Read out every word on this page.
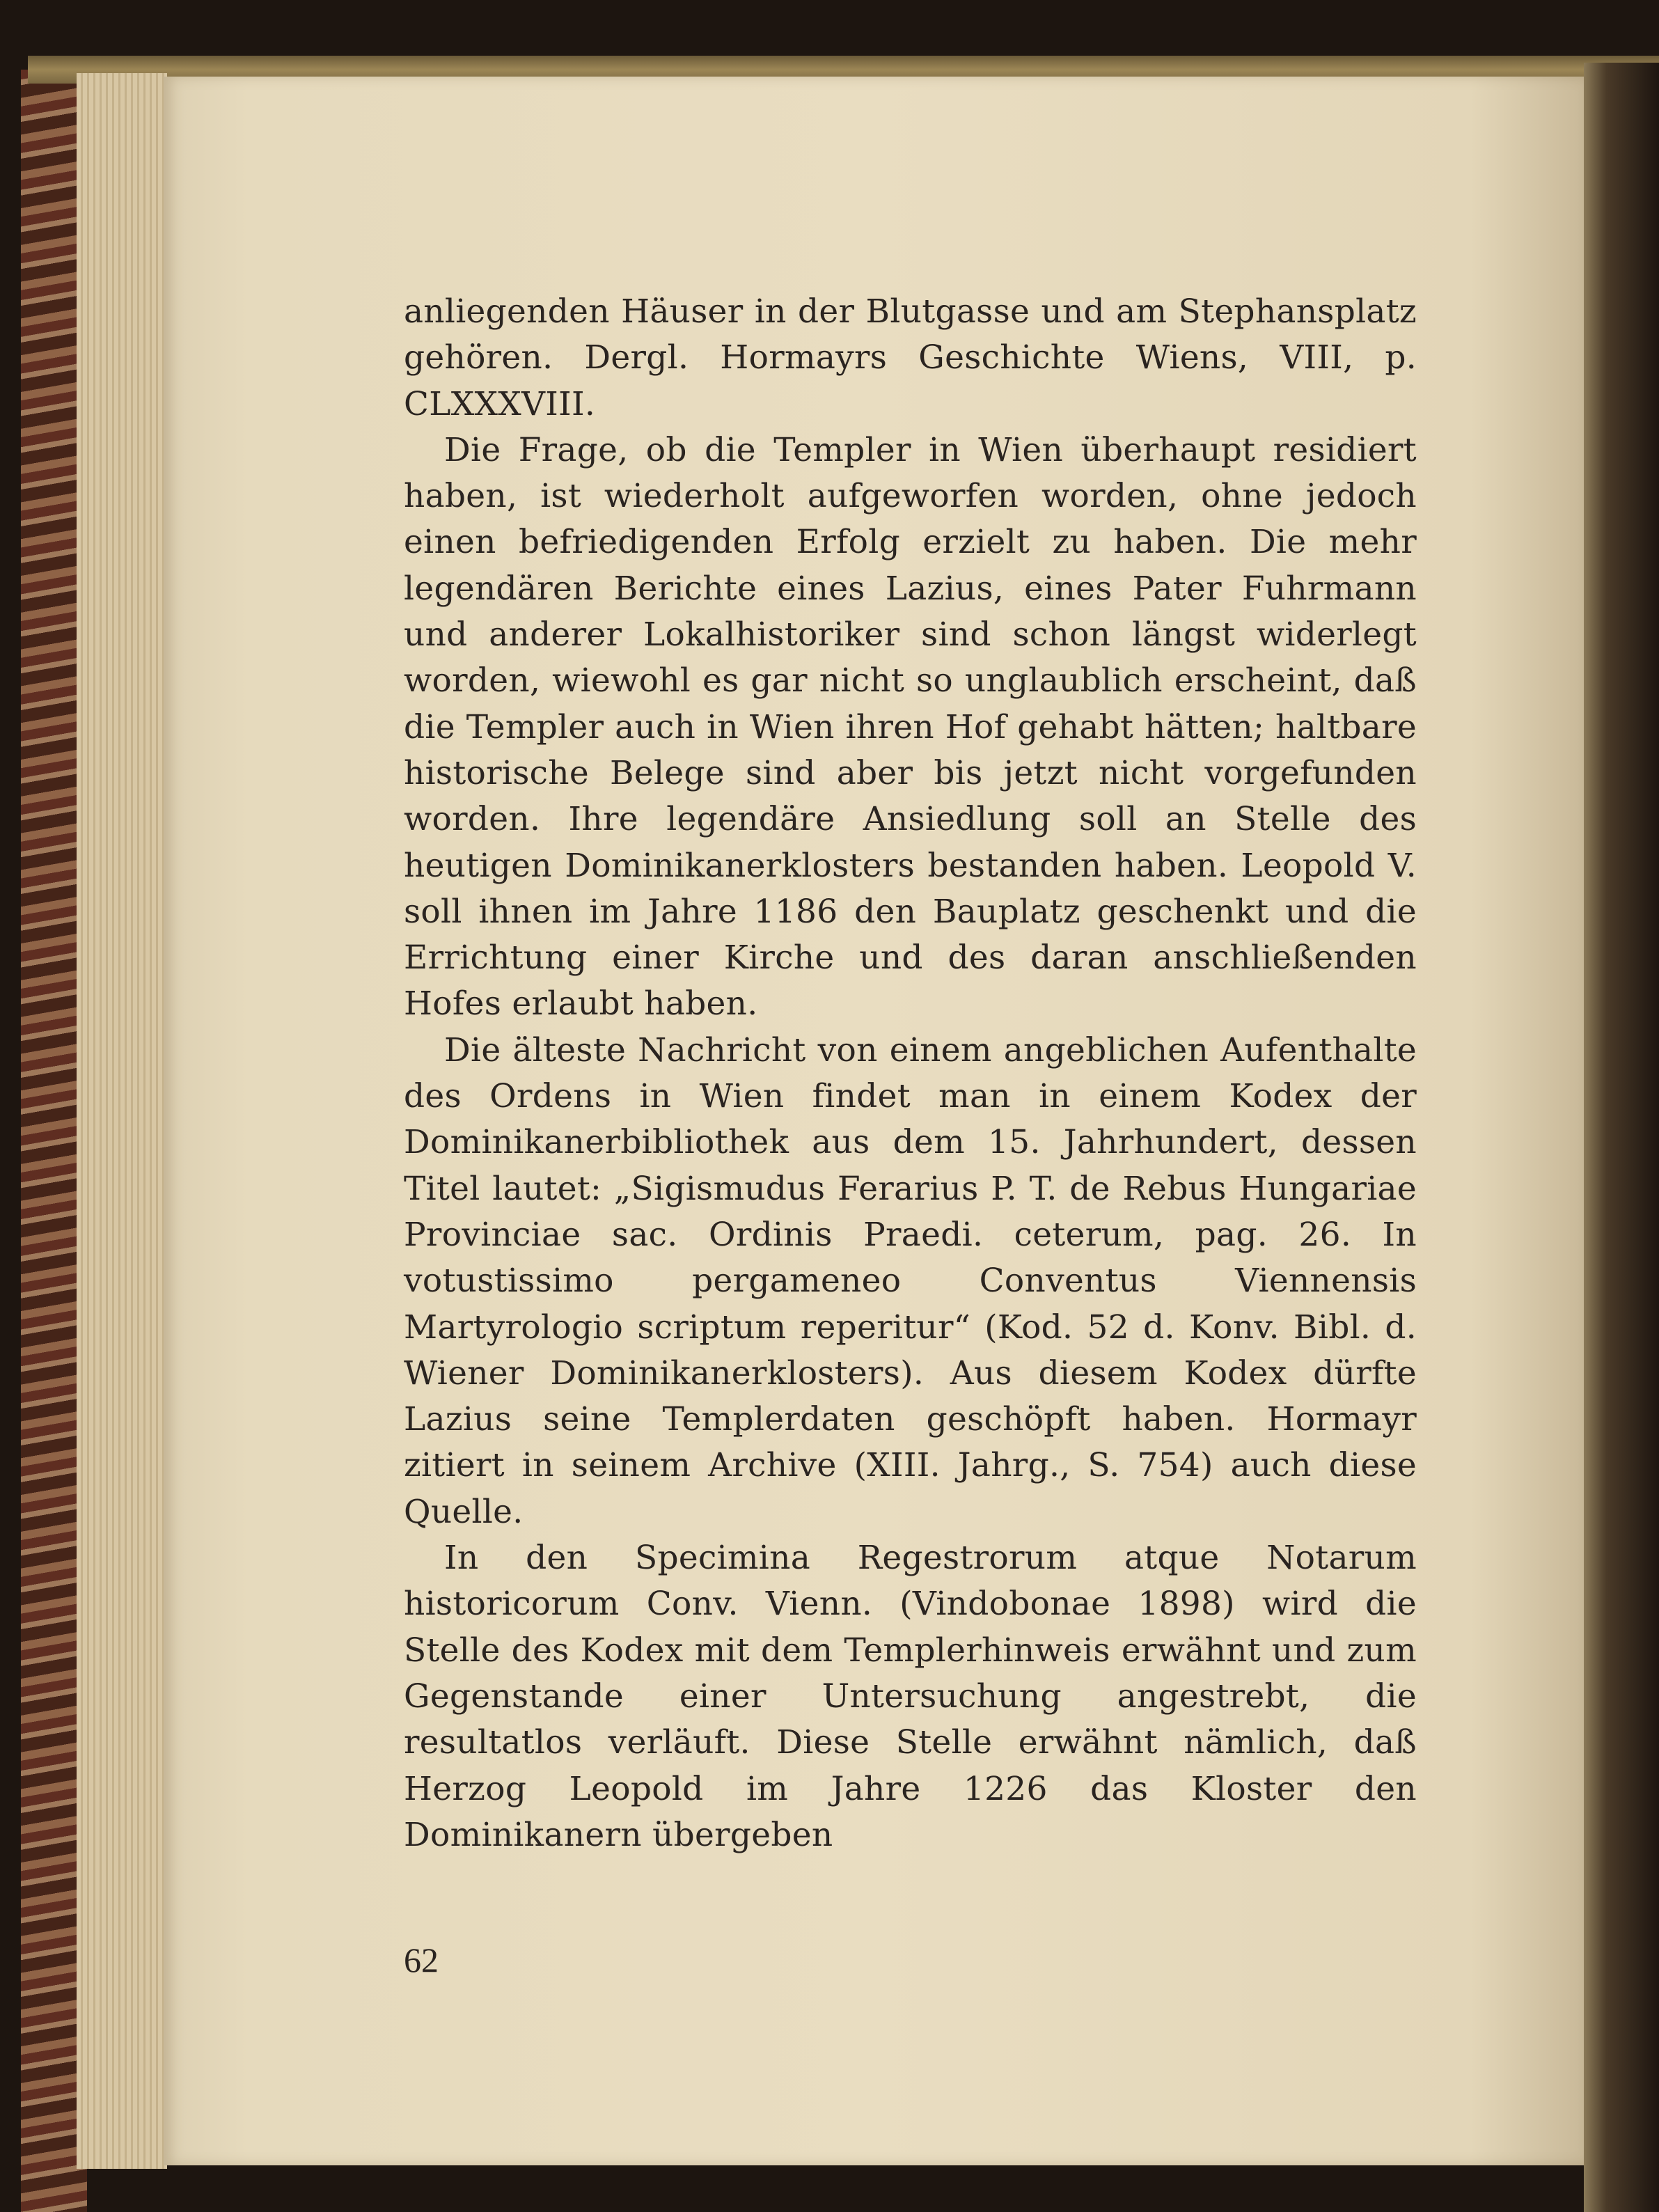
anliegenden Häuser in der Blutgasse und am Stephansplatz gehören. Dergl. Hormayrs Geschichte Wiens, VIII, p. CLXXXVIII.

Die Frage, ob die Templer in Wien überhaupt residiert haben, ist wiederholt aufgeworfen worden, ohne jedoch einen befriedigenden Erfolg erzielt zu haben. Die mehr legendären Berichte eines Lazius, eines Pater Fuhrmann und anderer Lokalhistoriker sind schon längst widerlegt worden, wiewohl es gar nicht so unglaublich erscheint, daß die Templer auch in Wien ihren Hof gehabt hätten; haltbare historische Belege sind aber bis jetzt nicht vorgefunden worden. Ihre legendäre Ansiedlung soll an Stelle des heutigen Dominikanerklosters bestanden haben. Leopold V. soll ihnen im Jahre 1186 den Bauplatz geschenkt und die Errichtung einer Kirche und des daran anschließenden Hofes erlaubt haben.

Die älteste Nachricht von einem angeblichen Aufenthalte des Ordens in Wien findet man in einem Kodex der Dominikanerbibliothek aus dem 15. Jahrhundert, dessen Titel lautet: „Sigismudus Ferarius P. T. de Rebus Hungariae Provinciae sac. Ordinis Praedi. ceterum, pag. 26. In votustissimo pergameneo Conventus Viennensis Martyrologio scriptum reperitur“ (Kod. 52 d. Konv. Bibl. d. Wiener Dominikanerklosters). Aus diesem Kodex dürfte Lazius seine Templerdaten geschöpft haben. Hormayr zitiert in seinem Archive (XIII. Jahrg., S. 754) auch diese Quelle.

In den Specimina Regestrorum atque Notarum historicorum Conv. Vienn. (Vindobonae 1898) wird die Stelle des Kodex mit dem Templerhinweis erwähnt und zum Gegenstande einer Untersuchung angestrebt, die resultatlos verläuft. Diese Stelle erwähnt nämlich, daß Herzog Leopold im Jahre 1226 das Kloster den Dominikanern übergeben

62
